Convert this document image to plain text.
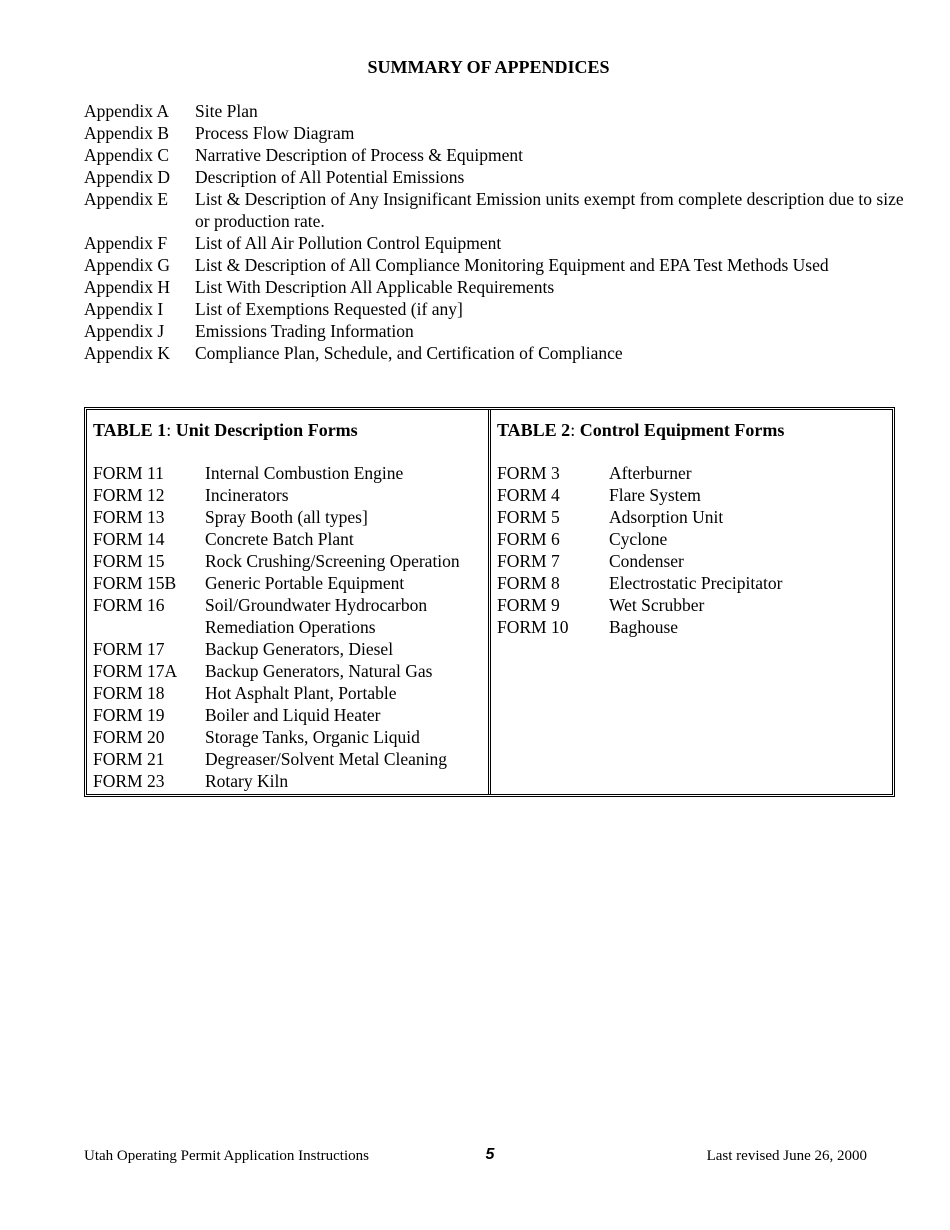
SUMMARY OF APPENDICES
Appendix A	Site Plan
Appendix B	Process Flow Diagram
Appendix C	Narrative Description of Process & Equipment
Appendix D	Description of All Potential Emissions
Appendix E	List & Description of Any Insignificant Emission units exempt from complete description due to size or production rate.
Appendix F	List of All Air Pollution Control Equipment
Appendix G	List & Description of All Compliance Monitoring Equipment and EPA Test Methods Used
Appendix H	List With Description All Applicable Requirements
Appendix I	List of Exemptions Requested (if any]
Appendix J	Emissions Trading Information
Appendix K	Compliance Plan, Schedule, and Certification of Compliance
TABLE 1: Unit Description Forms
FORM 11	Internal Combustion Engine
FORM 12	Incinerators
FORM 13	Spray Booth (all types]
FORM 14	Concrete Batch Plant
FORM 15	Rock Crushing/Screening Operation
FORM 15B	Generic Portable Equipment
FORM 16	Soil/Groundwater Hydrocarbon Remediation Operations
FORM 17	Backup Generators, Diesel
FORM 17A	Backup Generators, Natural Gas
FORM 18	Hot Asphalt Plant, Portable
FORM 19	Boiler and Liquid Heater
FORM 20	Storage Tanks, Organic Liquid
FORM 21	Degreaser/Solvent Metal Cleaning
FORM 23	Rotary Kiln
TABLE 2: Control Equipment Forms
FORM 3	Afterburner
FORM 4	Flare System
FORM 5	Adsorption Unit
FORM 6	Cyclone
FORM 7	Condenser
FORM 8	Electrostatic Precipitator
FORM 9	Wet Scrubber
FORM 10	Baghouse
Utah Operating Permit Application Instructions	5	Last revised June 26, 2000
